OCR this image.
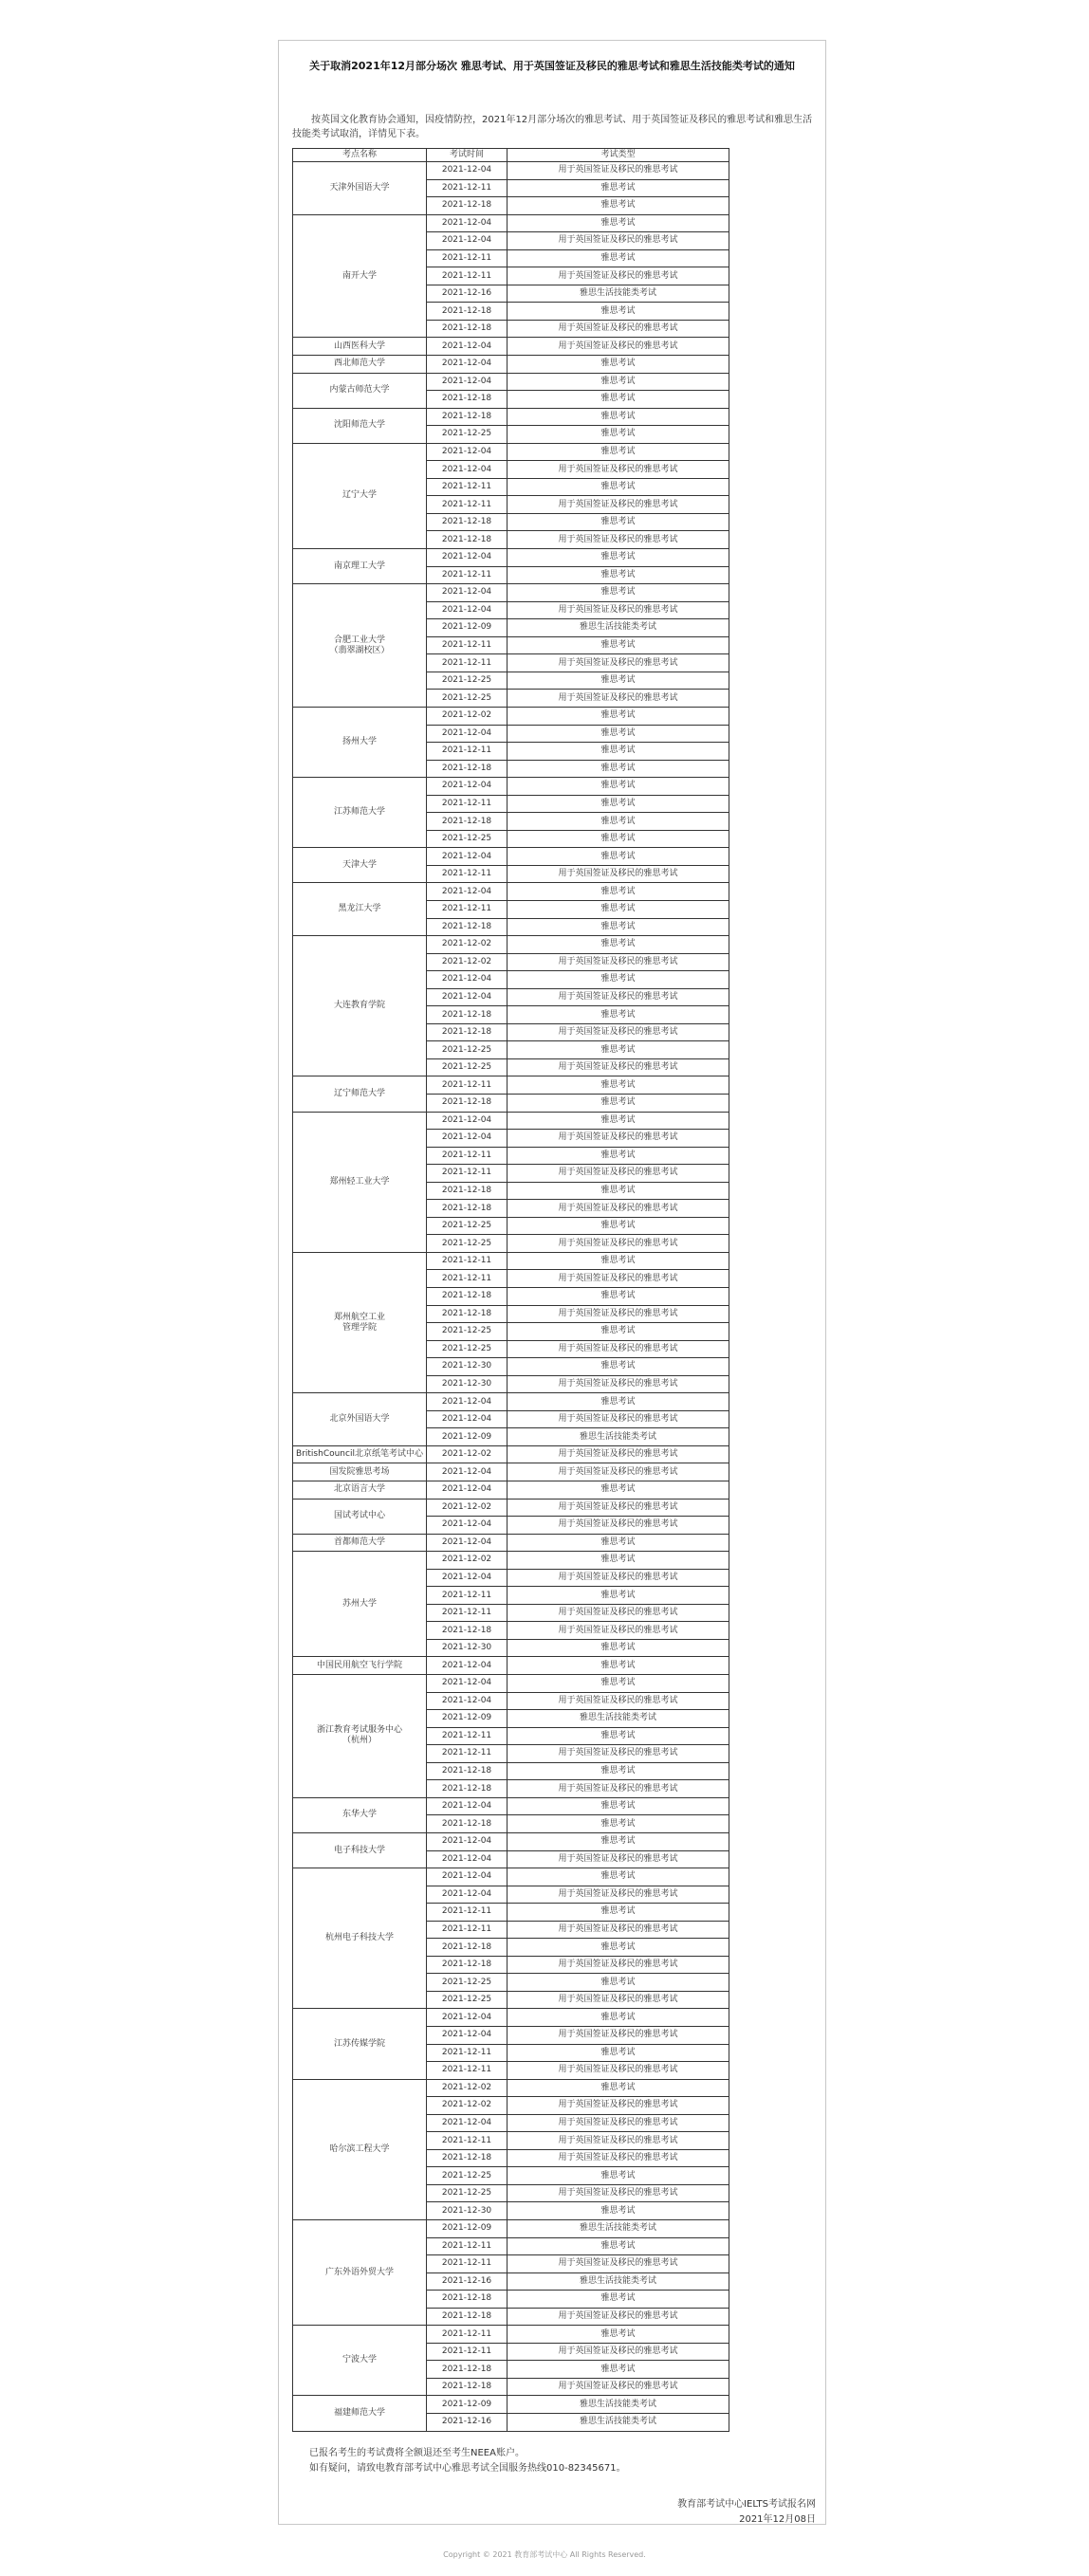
关于取消2021年12月部分场次 雅思考试、用于英国签证及移民的雅思考试和雅思生活技能类考试的通知
按英国文化教育协会通知，因疫情防控，2021年12月部分场次的雅思考试、用于英国签证及移民的雅思考试和雅思生活技能类考试取消，详情见下表。
考点名称	考试时间	考试类型
天津外国语大学	2021-12-04	用于英国签证及移民的雅思考试
	2021-12-11	雅思考试
	2021-12-18	雅思考试
南开大学	2021-12-04	雅思考试
	2021-12-04	用于英国签证及移民的雅思考试
	2021-12-11	雅思考试
	2021-12-11	用于英国签证及移民的雅思考试
	2021-12-16	雅思生活技能类考试
	2021-12-18	雅思考试
	2021-12-18	用于英国签证及移民的雅思考试
山西医科大学	2021-12-04	用于英国签证及移民的雅思考试
西北师范大学	2021-12-04	雅思考试
内蒙古师范大学	2021-12-04	雅思考试
	2021-12-18	雅思考试
沈阳师范大学	2021-12-18	雅思考试
	2021-12-25	雅思考试
辽宁大学	2021-12-04	雅思考试
	2021-12-04	用于英国签证及移民的雅思考试
	2021-12-11	雅思考试
	2021-12-11	用于英国签证及移民的雅思考试
	2021-12-18	雅思考试
	2021-12-18	用于英国签证及移民的雅思考试
南京理工大学	2021-12-04	雅思考试
	2021-12-11	雅思考试
合肥工业大学
（翡翠湖校区）	2021-12-04	雅思考试
	2021-12-04	用于英国签证及移民的雅思考试
	2021-12-09	雅思生活技能类考试
	2021-12-11	雅思考试
	2021-12-11	用于英国签证及移民的雅思考试
	2021-12-25	雅思考试
	2021-12-25	用于英国签证及移民的雅思考试
扬州大学	2021-12-02	雅思考试
	2021-12-04	雅思考试
	2021-12-11	雅思考试
	2021-12-18	雅思考试
江苏师范大学	2021-12-04	雅思考试
	2021-12-11	雅思考试
	2021-12-18	雅思考试
	2021-12-25	雅思考试
天津大学	2021-12-04	雅思考试
	2021-12-11	用于英国签证及移民的雅思考试
黑龙江大学	2021-12-04	雅思考试
	2021-12-11	雅思考试
	2021-12-18	雅思考试
大连教育学院	2021-12-02	雅思考试
	2021-12-02	用于英国签证及移民的雅思考试
	2021-12-04	雅思考试
	2021-12-04	用于英国签证及移民的雅思考试
	2021-12-18	雅思考试
	2021-12-18	用于英国签证及移民的雅思考试
	2021-12-25	雅思考试
	2021-12-25	用于英国签证及移民的雅思考试
辽宁师范大学	2021-12-11	雅思考试
	2021-12-18	雅思考试
郑州轻工业大学	2021-12-04	雅思考试
	2021-12-04	用于英国签证及移民的雅思考试
	2021-12-11	雅思考试
	2021-12-11	用于英国签证及移民的雅思考试
	2021-12-18	雅思考试
	2021-12-18	用于英国签证及移民的雅思考试
	2021-12-25	雅思考试
	2021-12-25	用于英国签证及移民的雅思考试
郑州航空工业
管理学院	2021-12-11	雅思考试
	2021-12-11	用于英国签证及移民的雅思考试
	2021-12-18	雅思考试
	2021-12-18	用于英国签证及移民的雅思考试
	2021-12-25	雅思考试
	2021-12-25	用于英国签证及移民的雅思考试
	2021-12-30	雅思考试
	2021-12-30	用于英国签证及移民的雅思考试
北京外国语大学	2021-12-04	雅思考试
	2021-12-04	用于英国签证及移民的雅思考试
	2021-12-09	雅思生活技能类考试
BritishCouncil北京纸笔考试中心	2021-12-02	用于英国签证及移民的雅思考试
国发院雅思考场	2021-12-04	用于英国签证及移民的雅思考试
北京语言大学	2021-12-04	雅思考试
国试考试中心	2021-12-02	用于英国签证及移民的雅思考试
	2021-12-04	用于英国签证及移民的雅思考试
首都师范大学	2021-12-04	雅思考试
苏州大学	2021-12-02	雅思考试
	2021-12-04	用于英国签证及移民的雅思考试
	2021-12-11	雅思考试
	2021-12-11	用于英国签证及移民的雅思考试
	2021-12-18	用于英国签证及移民的雅思考试
	2021-12-30	雅思考试
中国民用航空飞行学院	2021-12-04	雅思考试
浙江教育考试服务中心
（杭州）	2021-12-04	雅思考试
	2021-12-04	用于英国签证及移民的雅思考试
	2021-12-09	雅思生活技能类考试
	2021-12-11	雅思考试
	2021-12-11	用于英国签证及移民的雅思考试
	2021-12-18	雅思考试
	2021-12-18	用于英国签证及移民的雅思考试
东华大学	2021-12-04	雅思考试
	2021-12-18	雅思考试
电子科技大学	2021-12-04	雅思考试
	2021-12-04	用于英国签证及移民的雅思考试
杭州电子科技大学	2021-12-04	雅思考试
	2021-12-04	用于英国签证及移民的雅思考试
	2021-12-11	雅思考试
	2021-12-11	用于英国签证及移民的雅思考试
	2021-12-18	雅思考试
	2021-12-18	用于英国签证及移民的雅思考试
	2021-12-25	雅思考试
	2021-12-25	用于英国签证及移民的雅思考试
江苏传媒学院	2021-12-04	雅思考试
	2021-12-04	用于英国签证及移民的雅思考试
	2021-12-11	雅思考试
	2021-12-11	用于英国签证及移民的雅思考试
哈尔滨工程大学	2021-12-02	雅思考试
	2021-12-02	用于英国签证及移民的雅思考试
	2021-12-04	用于英国签证及移民的雅思考试
	2021-12-11	用于英国签证及移民的雅思考试
	2021-12-18	用于英国签证及移民的雅思考试
	2021-12-25	雅思考试
	2021-12-25	用于英国签证及移民的雅思考试
	2021-12-30	雅思考试
广东外语外贸大学	2021-12-09	雅思生活技能类考试
	2021-12-11	雅思考试
	2021-12-11	用于英国签证及移民的雅思考试
	2021-12-16	雅思生活技能类考试
	2021-12-18	雅思考试
	2021-12-18	用于英国签证及移民的雅思考试
宁波大学	2021-12-11	雅思考试
	2021-12-11	用于英国签证及移民的雅思考试
	2021-12-18	雅思考试
	2021-12-18	用于英国签证及移民的雅思考试
福建师范大学	2021-12-09	雅思生活技能类考试
	2021-12-16	雅思生活技能类考试
已报名考生的考试费将全额退还至考生NEEA账户。
如有疑问，请致电教育部考试中心雅思考试全国服务热线010-82345671。
教育部考试中心IELTS考试报名网
2021年12月08日
Copyright © 2021 教育部考试中心 All Rights Reserved.
